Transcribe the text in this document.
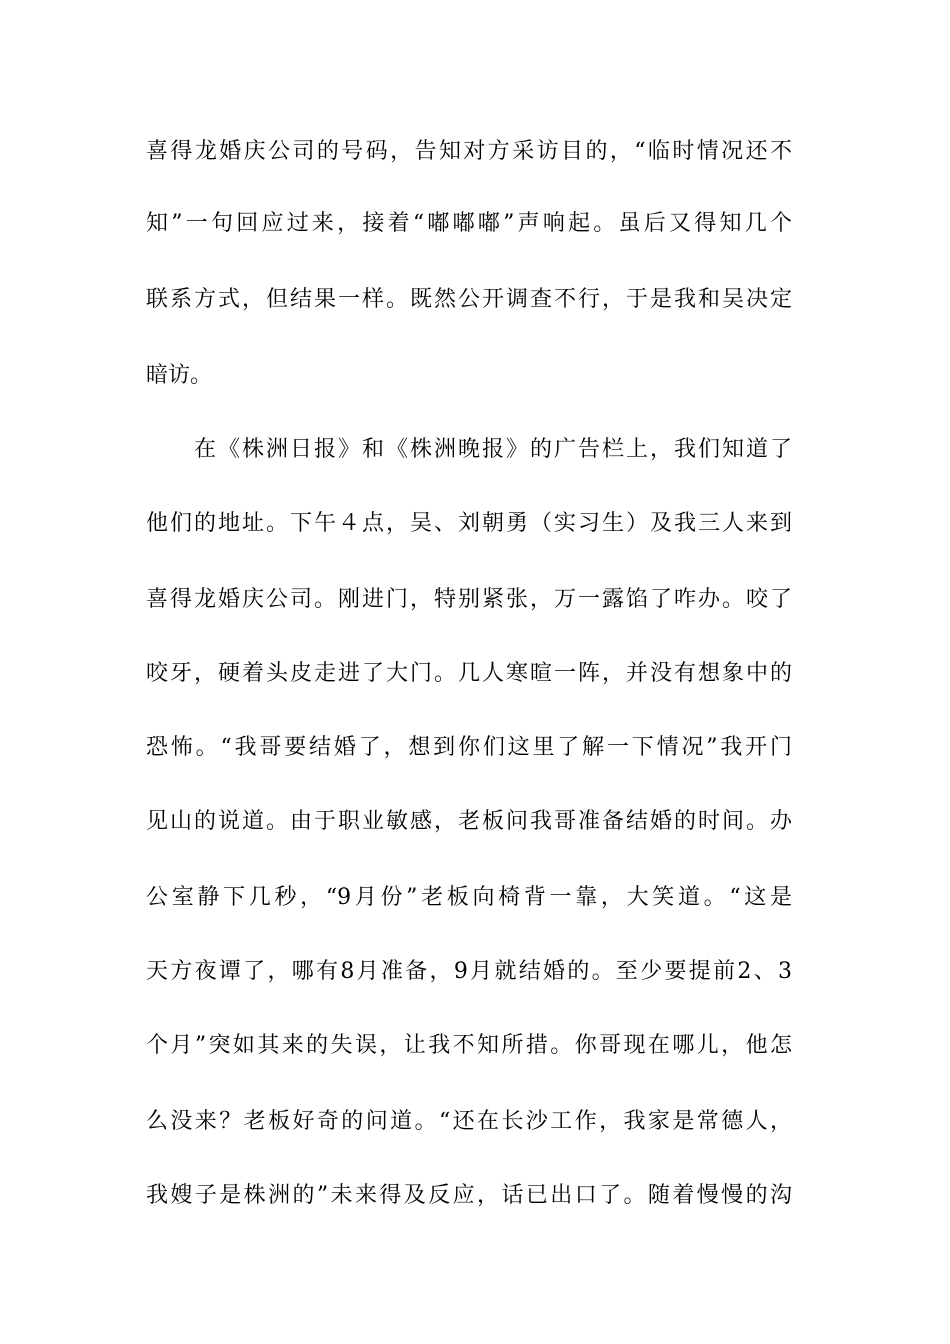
喜得龙婚庆公司的号码，告知对方采访目的，“临时情况还不
知”一句回应过来，接着“嘟嘟嘟”声响起。虽后又得知几个
联系方式，但结果一样。既然公开调查不行，于是我和吴决定
暗访。
在《株洲日报》和《株洲晚报》的广告栏上，我们知道了
他们的地址。下午４点，吴、刘朝勇（实习生）及我三人来到
喜得龙婚庆公司。刚进门，特别紧张，万一露馅了咋办。咬了
咬牙，硬着头皮走进了大门。几人寒暄一阵，并没有想象中的
恐怖。“我哥要结婚了，想到你们这里了解一下情况”我开门
见山的说道。由于职业敏感，老板问我哥准备结婚的时间。办
公室静下几秒，“9月份”老板向椅背一靠，大笑道。“这是
天方夜谭了，哪有8月准备，9月就结婚的。至少要提前2、3
个月”突如其来的失误，让我不知所措。你哥现在哪儿，他怎
么没来？老板好奇的问道。“还在长沙工作，我家是常德人，
我嫂子是株洲的”未来得及反应，话已出口了。随着慢慢的沟
